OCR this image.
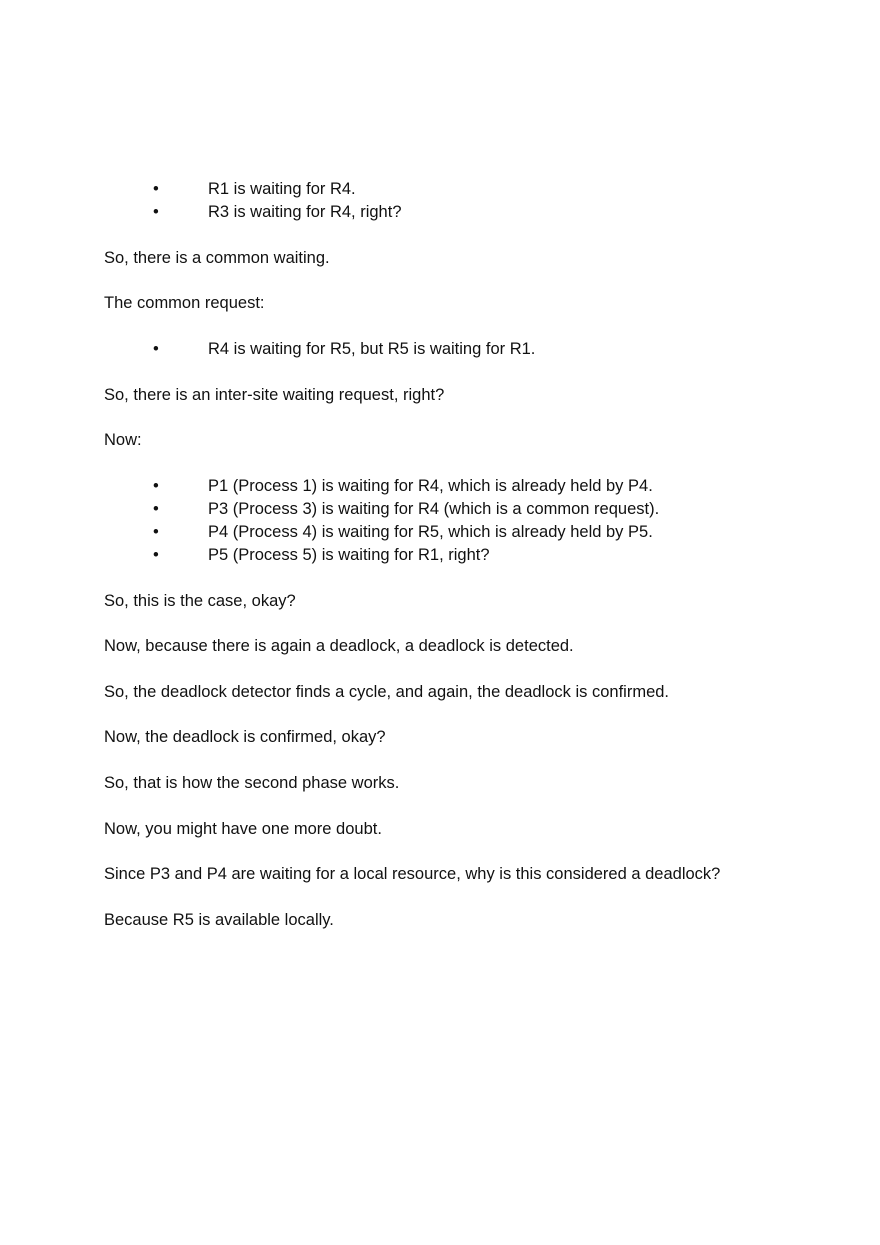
•	R1 is waiting for R4.
•	R3 is waiting for R4, right?
So, there is a common waiting.
The common request:
•	R4 is waiting for R5, but R5 is waiting for R1.
So, there is an inter-site waiting request, right?
Now:
•	P1 (Process 1) is waiting for R4, which is already held by P4.
•	P3 (Process 3) is waiting for R4 (which is a common request).
•	P4 (Process 4) is waiting for R5, which is already held by P5.
•	P5 (Process 5) is waiting for R1, right?
So, this is the case, okay?
Now, because there is again a deadlock, a deadlock is detected.
So, the deadlock detector finds a cycle, and again, the deadlock is confirmed.
Now, the deadlock is confirmed, okay?
So, that is how the second phase works.
Now, you might have one more doubt.
Since P3 and P4 are waiting for a local resource, why is this considered a deadlock?
Because R5 is available locally.
